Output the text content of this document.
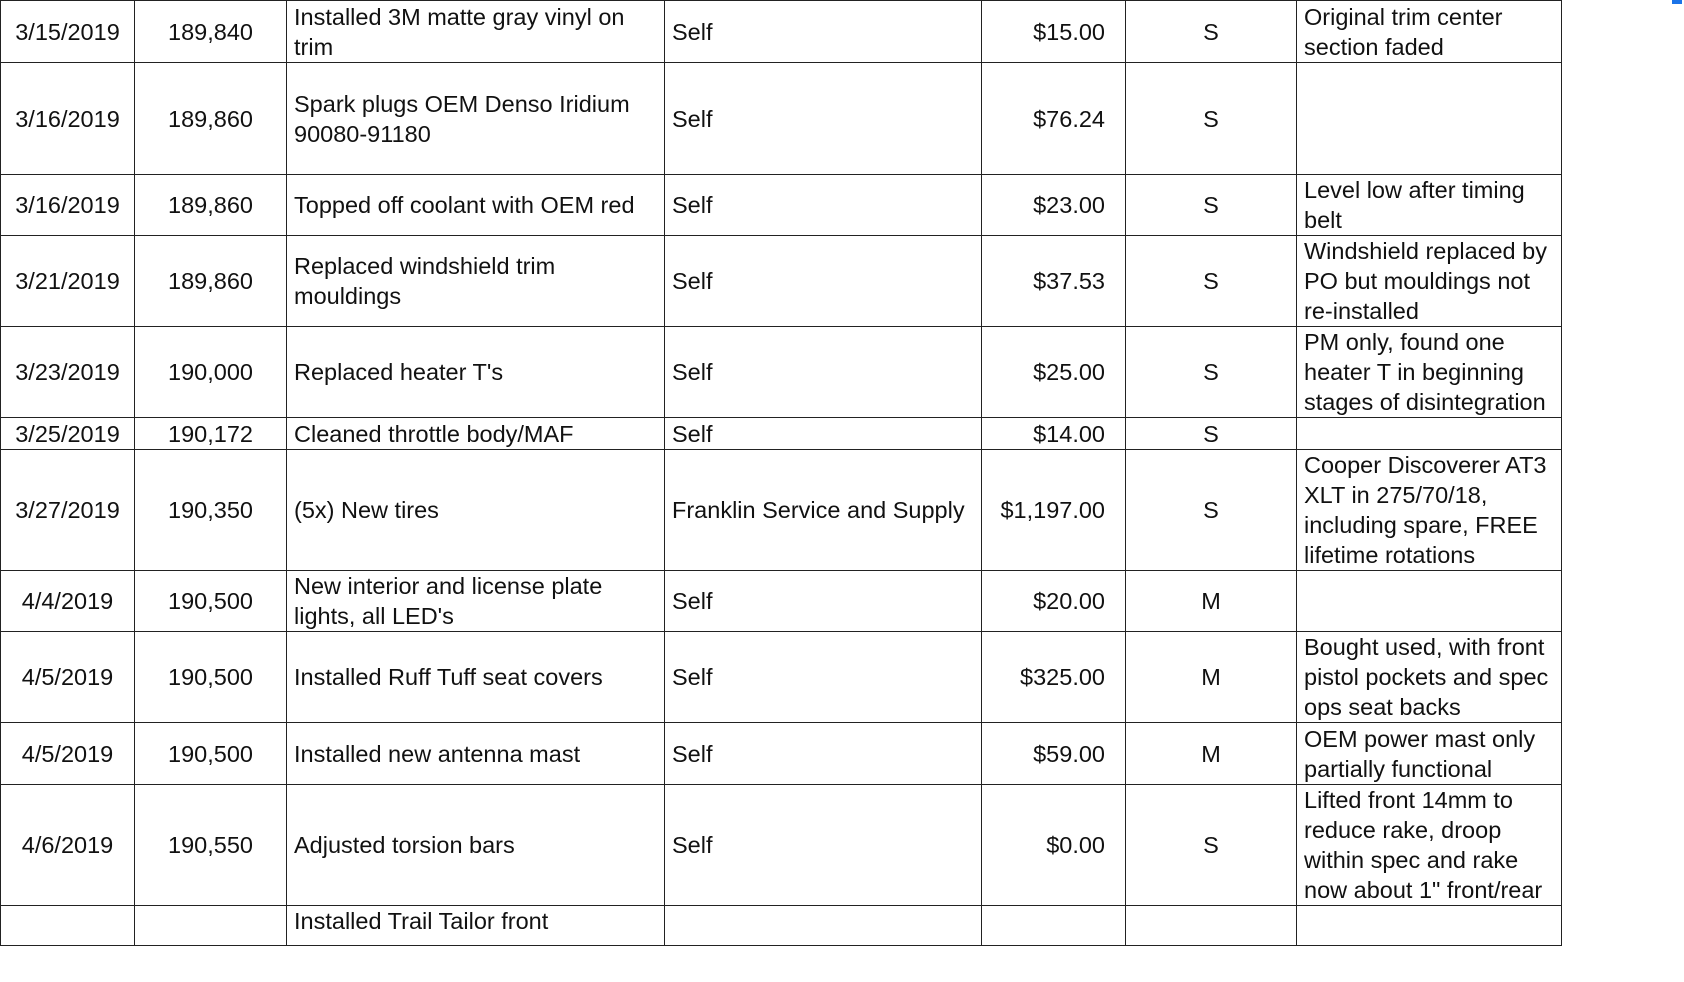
3/15/2019	189,840	Installed 3M matte gray vinyl on trim	Self	$15.00	S	Original trim center section faded
3/16/2019	189,860	Spark plugs OEM Denso Iridium 90080-91180	Self	$76.24	S	
3/16/2019	189,860	Topped off coolant with OEM red	Self	$23.00	S	Level low after timing belt
3/21/2019	189,860	Replaced windshield trim mouldings	Self	$37.53	S	Windshield replaced by PO but mouldings not re-installed
3/23/2019	190,000	Replaced heater T's	Self	$25.00	S	PM only, found one heater T in beginning stages of disintegration
3/25/2019	190,172	Cleaned throttle body/MAF	Self	$14.00	S	
3/27/2019	190,350	(5x) New tires	Franklin Service and Supply	$1,197.00	S	Cooper Discoverer AT3 XLT in 275/70/18, including spare, FREE lifetime rotations
4/4/2019	190,500	New interior and license plate lights, all LED's	Self	$20.00	M	
4/5/2019	190,500	Installed Ruff Tuff seat covers	Self	$325.00	M	Bought used, with front pistol pockets and spec ops seat backs
4/5/2019	190,500	Installed new antenna mast	Self	$59.00	M	OEM power mast only partially functional
4/6/2019	190,550	Adjusted torsion bars	Self	$0.00	S	Lifted front 14mm to reduce rake, droop within spec and rake now about 1" front/rear
		Installed Trail Tailor front				
